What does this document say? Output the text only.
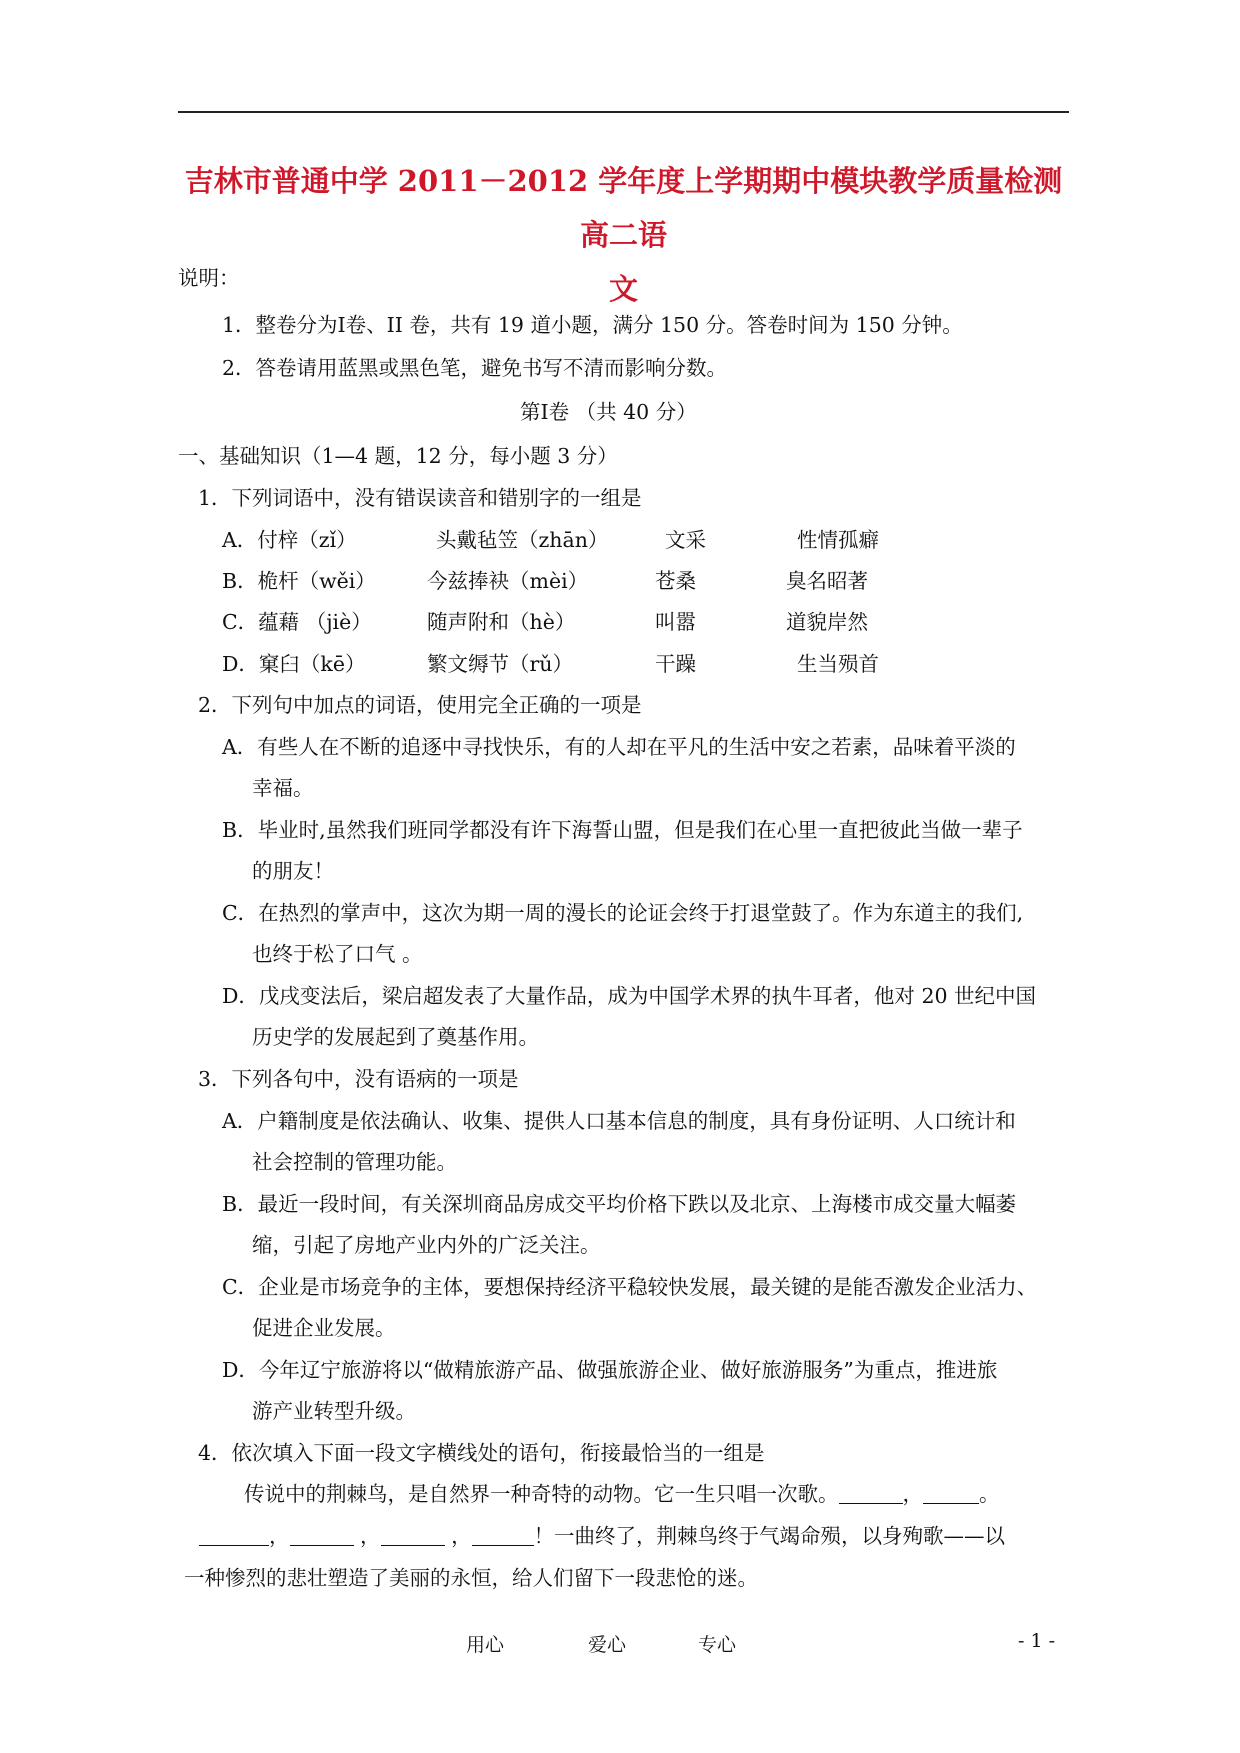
吉林市普通中学 2011－2012 学年度上学期期中模块教学质量检测高二语
文
说明：
1．整卷分为Ⅰ卷、II 卷，共有 19 道小题，满分 150 分。答卷时间为 150 分钟。
2．答卷请用蓝黑或黑色笔，避免书写不清而影响分数。
第Ⅰ卷 （共 40 分）
一、基础知识（1—4 题，12 分，每小题 3 分）
1．下列词语中，没有错误读音和错别字的一组是
A．付梓（zǐ）	头戴毡笠（zhān）	文采	性情孤癖
B．桅杆（wěi） 今兹捧袂（mèi）	苍桑	臭名昭著
C．蕴藉 （jiè）	随声附和（hè）	叫嚣	道貌岸然
D．窠臼（kē）	繁文缛节（rǔ）	干躁	生当殒首
2．下列句中加点的词语，使用完全正确的一项是
A．有些人在不断的追逐中寻找快乐，有的人却在平凡的生活中安之若素，品味着平淡的
幸福。
B．毕业时,虽然我们班同学都没有许下海誓山盟，但是我们在心里一直把彼此当做一辈子
的朋友！
C．在热烈的掌声中，这次为期一周的漫长的论证会终于打退堂鼓了。作为东道主的我们,
也终于松了口气 。
D．戊戌变法后，梁启超发表了大量作品，成为中国学术界的执牛耳者，他对 20 世纪中国
历史学的发展起到了奠基作用。
3．下列各句中，没有语病的一项是
A．户籍制度是依法确认、收集、提供人口基本信息的制度，具有身份证明、人口统计和
社会控制的管理功能。
B．最近一段时间，有关深圳商品房成交平均价格下跌以及北京、上海楼市成交量大幅萎
缩，引起了房地产业内外的广泛关注。
C．企业是市场竞争的主体，要想保持经济平稳较快发展，最关键的是能否激发企业活力、
促进企业发展。
D．今年辽宁旅游将以“做精旅游产品、做强旅游企业、做好旅游服务”为重点，推进旅
游产业转型升级。
4．依次填入下面一段文字横线处的语句，衔接最恰当的一组是
传说中的荆棘鸟，是自然界一种奇特的动物。它一生只唱一次歌。	，	。
，	，	，	！一曲终了，荆棘鸟终于气竭命殒，以身殉歌——以
一种惨烈的悲壮塑造了美丽的永恒，给人们留下一段悲怆的迷。
用心	爱心	专心	- 1 -
